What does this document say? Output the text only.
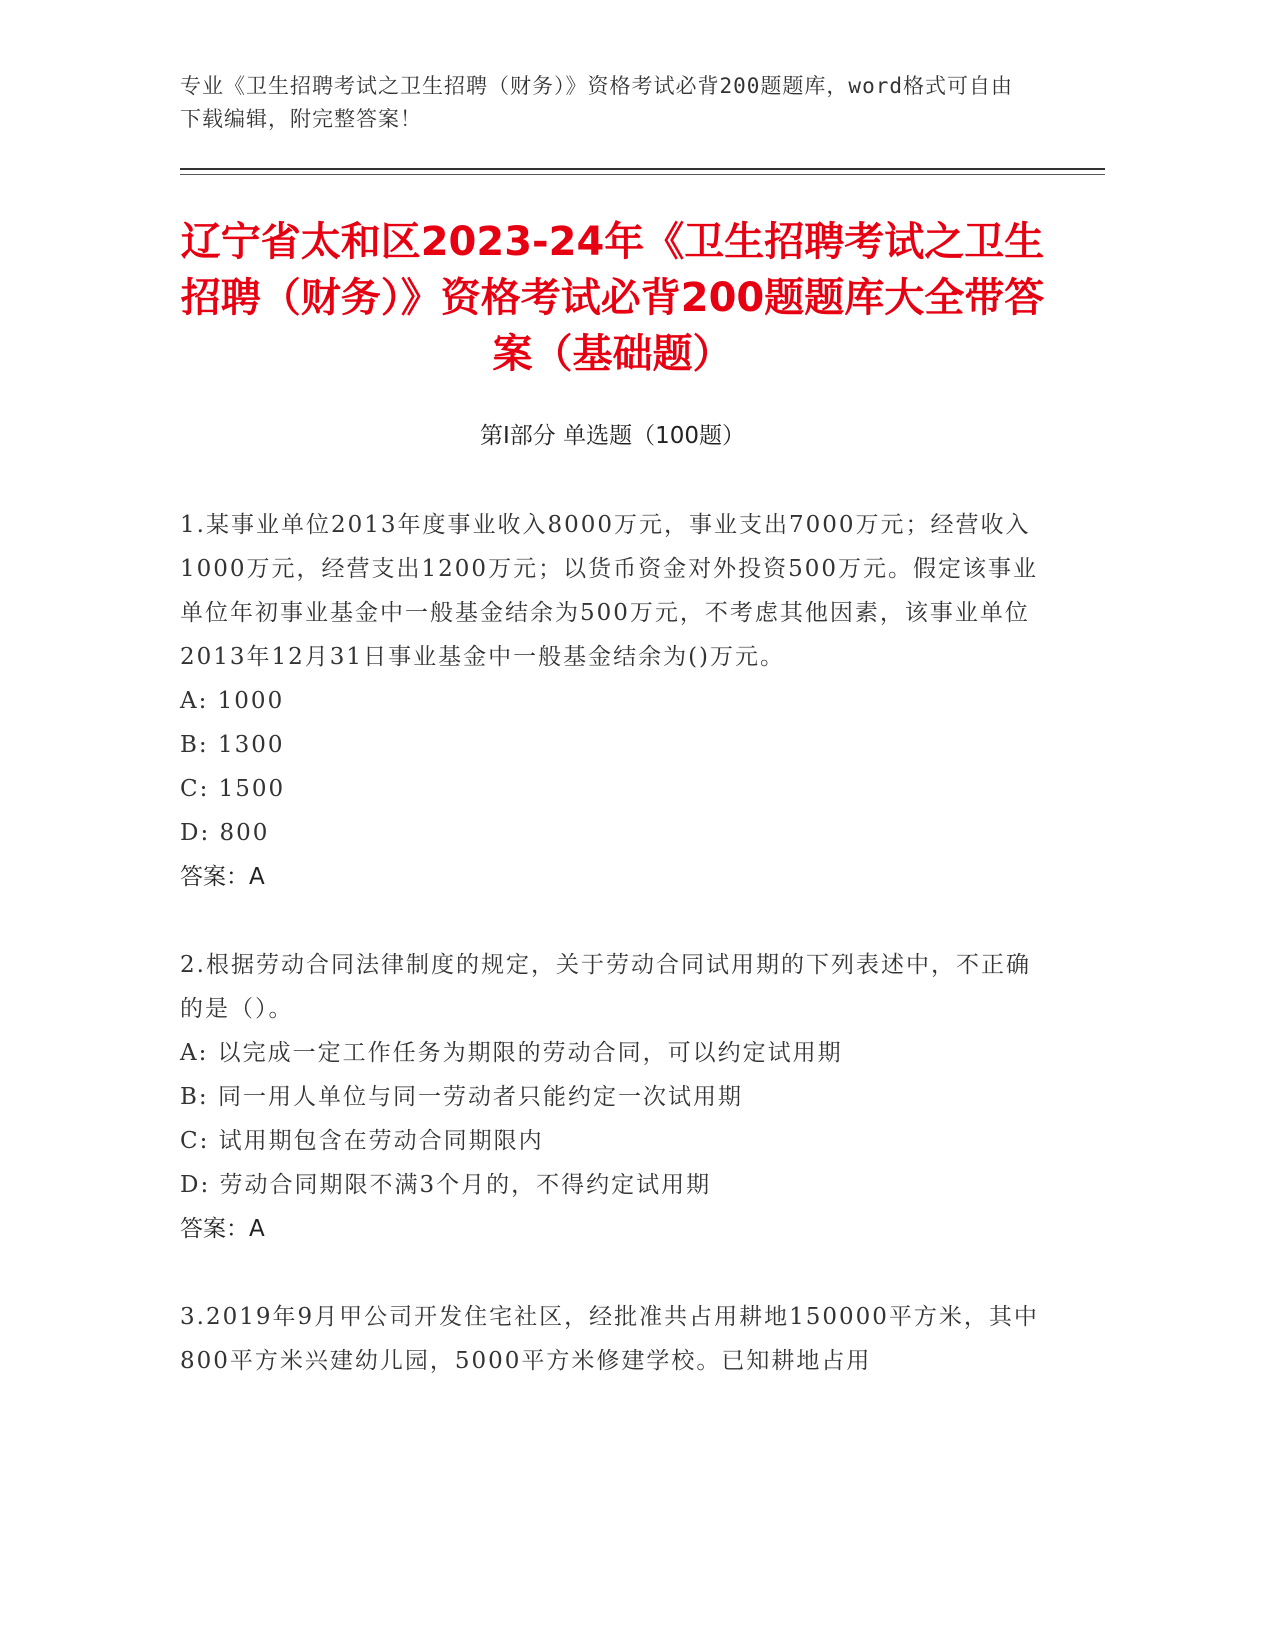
专业《卫生招聘考试之卫生招聘（财务）》资格考试必背200题题库，word格式可自由下载编辑，附完整答案！
辽宁省太和区2023-24年《卫生招聘考试之卫生招聘（财务）》资格考试必背200题题库大全带答案（基础题）
第I部分 单选题（100题）
1.某事业单位2013年度事业收入8000万元，事业支出7000万元；经营收入1000万元，经营支出1200万元；以货币资金对外投资500万元。假定该事业单位年初事业基金中一般基金结余为500万元，不考虑其他因素，该事业单位2013年12月31日事业基金中一般基金结余为()万元。
A: 1000
B: 1300
C: 1500
D: 800
答案：A
2.根据劳动合同法律制度的规定，关于劳动合同试用期的下列表述中，不正确的是（）。
A: 以完成一定工作任务为期限的劳动合同，可以约定试用期
B: 同一用人单位与同一劳动者只能约定一次试用期
C: 试用期包含在劳动合同期限内
D: 劳动合同期限不满3个月的，不得约定试用期
答案：A
3.2019年9月甲公司开发住宅社区，经批准共占用耕地150000平方米，其中800平方米兴建幼儿园，5000平方米修建学校。已知耕地占用
